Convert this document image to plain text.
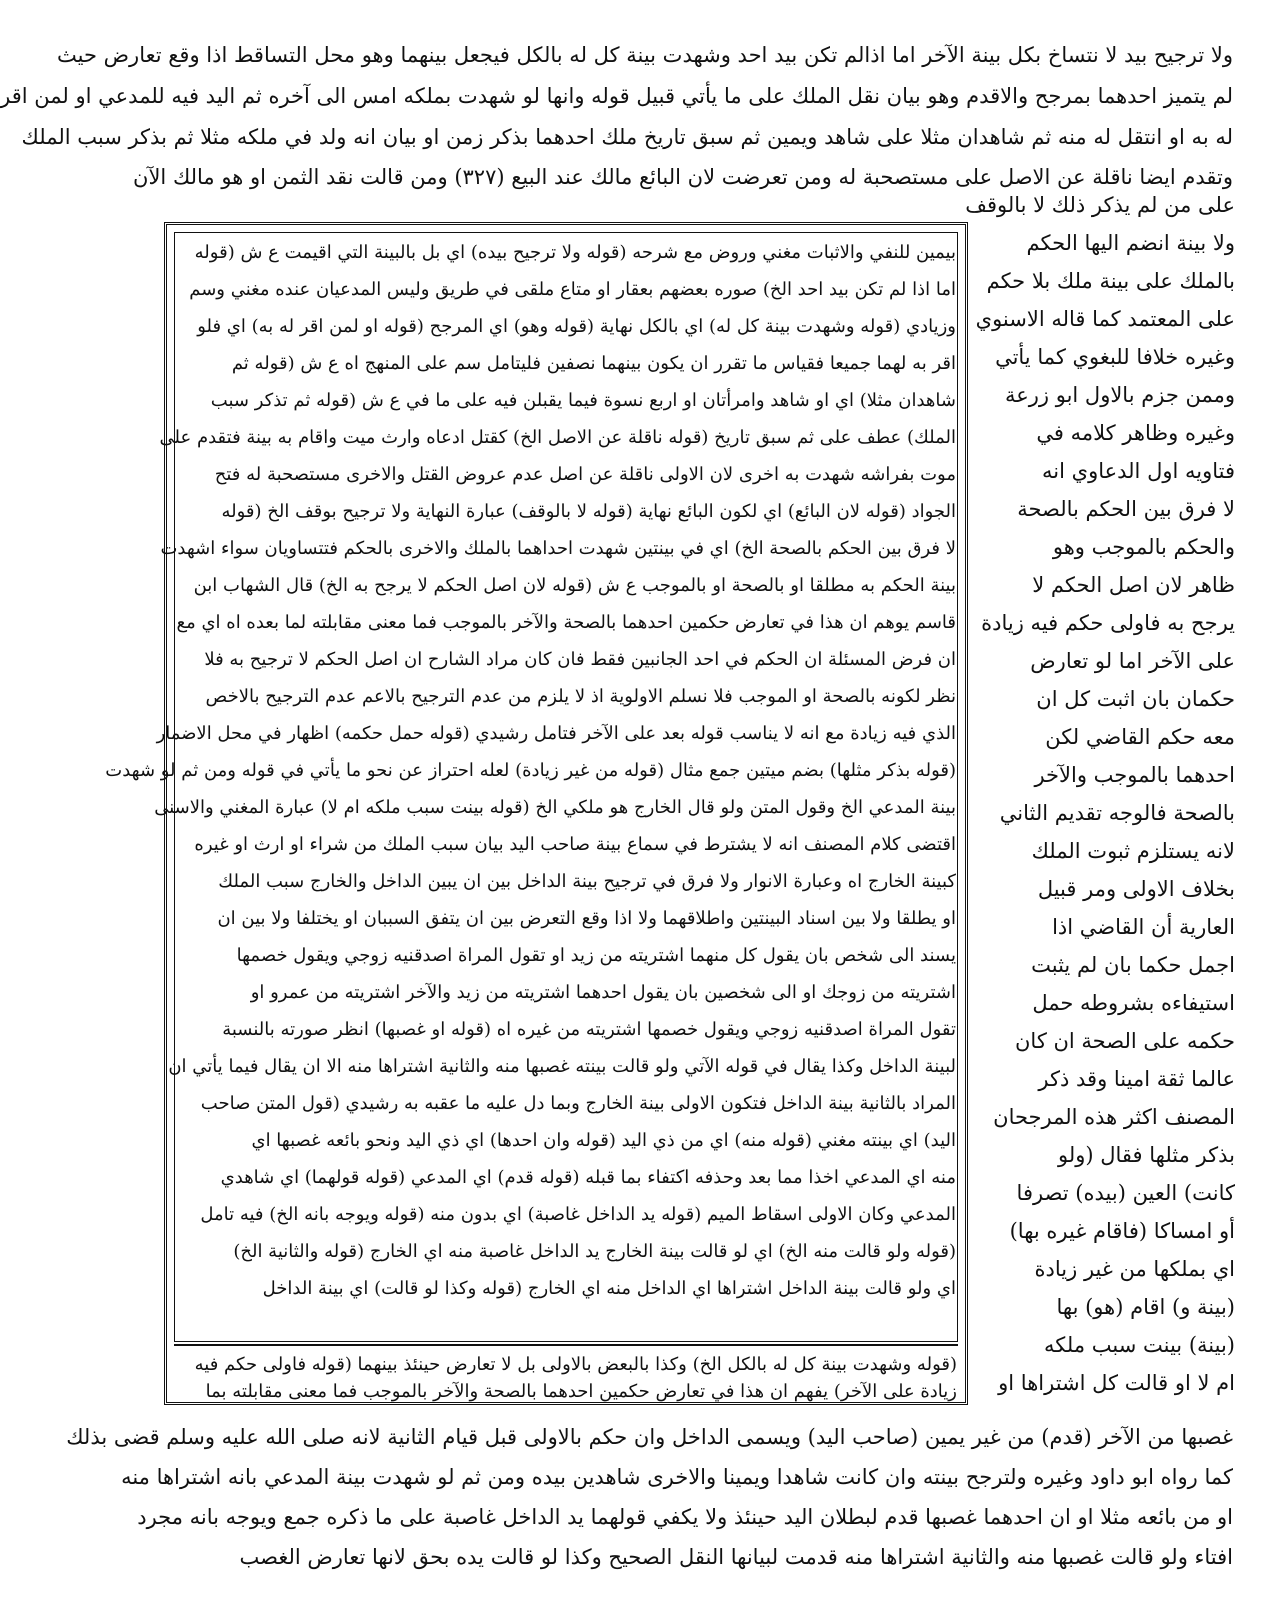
ولا ترجيح بيد لا نتساخ بكل بينة الآخر اما اذالم تكن بيد احد وشهدت بينة كل له بالكل فيجعل بينهما وهو محل التساقط اذا وقع تعارض حيث
لم يتميز احدهما بمرجح والاقدم وهو بيان نقل الملك على ما يأتي قبيل قوله وانها لو شهدت بملكه امس الى آخره ثم اليد فيه للمدعي او لمن اقر
له به او انتقل له منه ثم شاهدان مثلا على شاهد ويمين ثم سبق تاريخ ملك احدهما بذكر زمن او بيان انه ولد في ملكه مثلا ثم بذكر سبب الملك
وتقدم ايضا ناقلة عن الاصل على مستصحبة له ومن تعرضت لان البائع مالك عند البيع (٣٢٧) ومن قالت نقد الثمن او هو مالك الآن
على من لم يذكر ذلك لا بالوقف
ولا بينة انضم اليها الحكم
بالملك على بينة ملك بلا حكم
على المعتمد كما قاله الاسنوي
وغيره خلافا للبغوي كما يأتي
وممن جزم بالاول ابو زرعة
وغيره وظاهر كلامه في
فتاويه اول الدعاوي انه
لا فرق بين الحكم بالصحة
والحكم بالموجب وهو
ظاهر لان اصل الحكم لا
يرجح به فاولى حكم فيه زيادة
على الآخر اما لو تعارض
حكمان بان اثبت كل ان
معه حكم القاضي لكن
احدهما بالموجب والآخر
بالصحة فالوجه تقديم الثاني
لانه يستلزم ثبوت الملك
بخلاف الاولى ومر قبيل
العارية أن القاضي اذا
اجمل حكما بان لم يثبت
استيفاءه بشروطه حمل
حكمه على الصحة ان كان
عالما ثقة امينا وقد ذكر
المصنف اكثر هذه المرجحان
بذكر مثلها فقال (ولو
كانت) العين (بيده) تصرفا
أو امساكا (فاقام غيره بها)
اي بملكها من غير زيادة
(بينة و) اقام (هو) بها
(بينة) بينت سبب ملكه
ام لا او قالت كل اشتراها او
بيمين للنفي والاثبات مغني وروض مع شرحه (قوله ولا ترجيح بيده) اي بل بالبينة التي اقيمت ع ش (قوله
اما اذا لم تكن بيد احد الخ) صوره بعضهم بعقار او متاع ملقى في طريق وليس المدعيان عنده مغني وسم
وزيادي (قوله وشهدت بينة كل له) اي بالكل نهاية (قوله وهو) اي المرجح (قوله او لمن اقر له به) اي فلو
اقر به لهما جميعا فقياس ما تقرر ان يكون بينهما نصفين فليتامل سم على المنهج اه ع ش (قوله ثم
شاهدان مثلا) اي او شاهد وامرأتان او اربع نسوة فيما يقبلن فيه على ما في ع ش (قوله ثم تذكر سبب
الملك) عطف على ثم سبق تاريخ (قوله ناقلة عن الاصل الخ) كقتل ادعاه وارث ميت واقام به بينة فتقدم على
موت بفراشه شهدت به اخرى لان الاولى ناقلة عن اصل عدم عروض القتل والاخرى مستصحبة له فتح
الجواد (قوله لان البائع) اي لكون البائع نهاية (قوله لا بالوقف) عبارة النهاية ولا ترجيح بوقف الخ (قوله
لا فرق بين الحكم بالصحة الخ) اي في بينتين شهدت احداهما بالملك والاخرى بالحكم فتتساويان سواء اشهدت
بينة الحكم به مطلقا او بالصحة او بالموجب ع ش (قوله لان اصل الحكم لا يرجح به الخ) قال الشهاب ابن
قاسم يوهم ان هذا في تعارض حكمين احدهما بالصحة والآخر بالموجب فما معنى مقابلته لما بعده اه اي مع
ان فرض المسئلة ان الحكم في احد الجانبين فقط فان كان مراد الشارح ان اصل الحكم لا ترجيح به فلا
نظر لكونه بالصحة او الموجب فلا نسلم الاولوية اذ لا يلزم من عدم الترجيح بالاعم عدم الترجيح بالاخص
الذي فيه زيادة مع انه لا يناسب قوله بعد على الآخر فتامل رشيدي (قوله حمل حكمه) اظهار في محل الاضمار
(قوله بذكر مثلها) بضم ميتين جمع مثال (قوله من غير زيادة) لعله احتراز عن نحو ما يأتي في قوله ومن ثم لو شهدت
بينة المدعي الخ وقول المتن ولو قال الخارج هو ملكي الخ (قوله بينت سبب ملكه ام لا) عبارة المغني والاسنى
اقتضى كلام المصنف انه لا يشترط في سماع بينة صاحب اليد بيان سبب الملك من شراء او ارث او غيره
كبينة الخارج اه وعبارة الانوار ولا فرق في ترجيح بينة الداخل بين ان يبين الداخل والخارج سبب الملك
او يطلقا ولا بين اسناد البينتين واطلاقهما ولا اذا وقع التعرض بين ان يتفق السببان او يختلفا ولا بين ان
يسند الى شخص بان يقول كل منهما اشتريته من زيد او تقول المراة اصدقنيه زوجي ويقول خصمها
اشتريته من زوجك او الى شخصين بان يقول احدهما اشتريته من زيد والآخر اشتريته من عمرو او
تقول المراة اصدقنيه زوجي ويقول خصمها اشتريته من غيره اه (قوله او غصبها) انظر صورته بالنسبة
لبينة الداخل وكذا يقال في قوله الآتي ولو قالت بينته غصبها منه والثانية اشتراها منه الا ان يقال فيما يأتي ان
المراد بالثانية بينة الداخل فتكون الاولى بينة الخارج وبما دل عليه ما عقبه به رشيدي (قول المتن صاحب
اليد) اي بينته مغني (قوله منه) اي من ذي اليد (قوله وان احدها) اي ذي اليد ونحو بائعه غصبها اي
منه اي المدعي اخذا مما بعد وحذفه اكتفاء بما قبله (قوله قدم) اي المدعي (قوله قولهما) اي شاهدي
المدعي وكان الاولى اسقاط الميم (قوله يد الداخل غاصبة) اي بدون منه (قوله ويوجه بانه الخ) فيه تامل
(قوله ولو قالت منه الخ) اي لو قالت بينة الخارج يد الداخل غاصبة منه اي الخارج (قوله والثانية الخ)
اي ولو قالت بينة الداخل اشتراها اي الداخل منه اي الخارج (قوله وكذا لو قالت) اي بينة الداخل
(قوله وشهدت بينة كل له بالكل الخ) وكذا بالبعض بالاولى بل لا تعارض حينئذ بينهما (قوله فاولى حكم فيه
زيادة على الآخر) يفهم ان هذا في تعارض حكمين احدهما بالصحة والآخر بالموجب فما معنى مقابلته بما
غصبها من الآخر (قدم) من غير يمين (صاحب اليد) ويسمى الداخل وان حكم بالاولى قبل قيام الثانية لانه صلى الله عليه وسلم قضى بذلك
كما رواه ابو داود وغيره ولترجح بينته وان كانت شاهدا ويمينا والاخرى شاهدين بيده ومن ثم لو شهدت بينة المدعي بانه اشتراها منه
او من بائعه مثلا او ان احدهما غصبها قدم لبطلان اليد حينئذ ولا يكفي قولهما يد الداخل غاصبة على ما ذكره جمع ويوجه بانه مجرد
افتاء ولو قالت غصبها منه والثانية اشتراها منه قدمت لبيانها النقل الصحيح وكذا لو قالت يده بحق لانها تعارض الغصب
